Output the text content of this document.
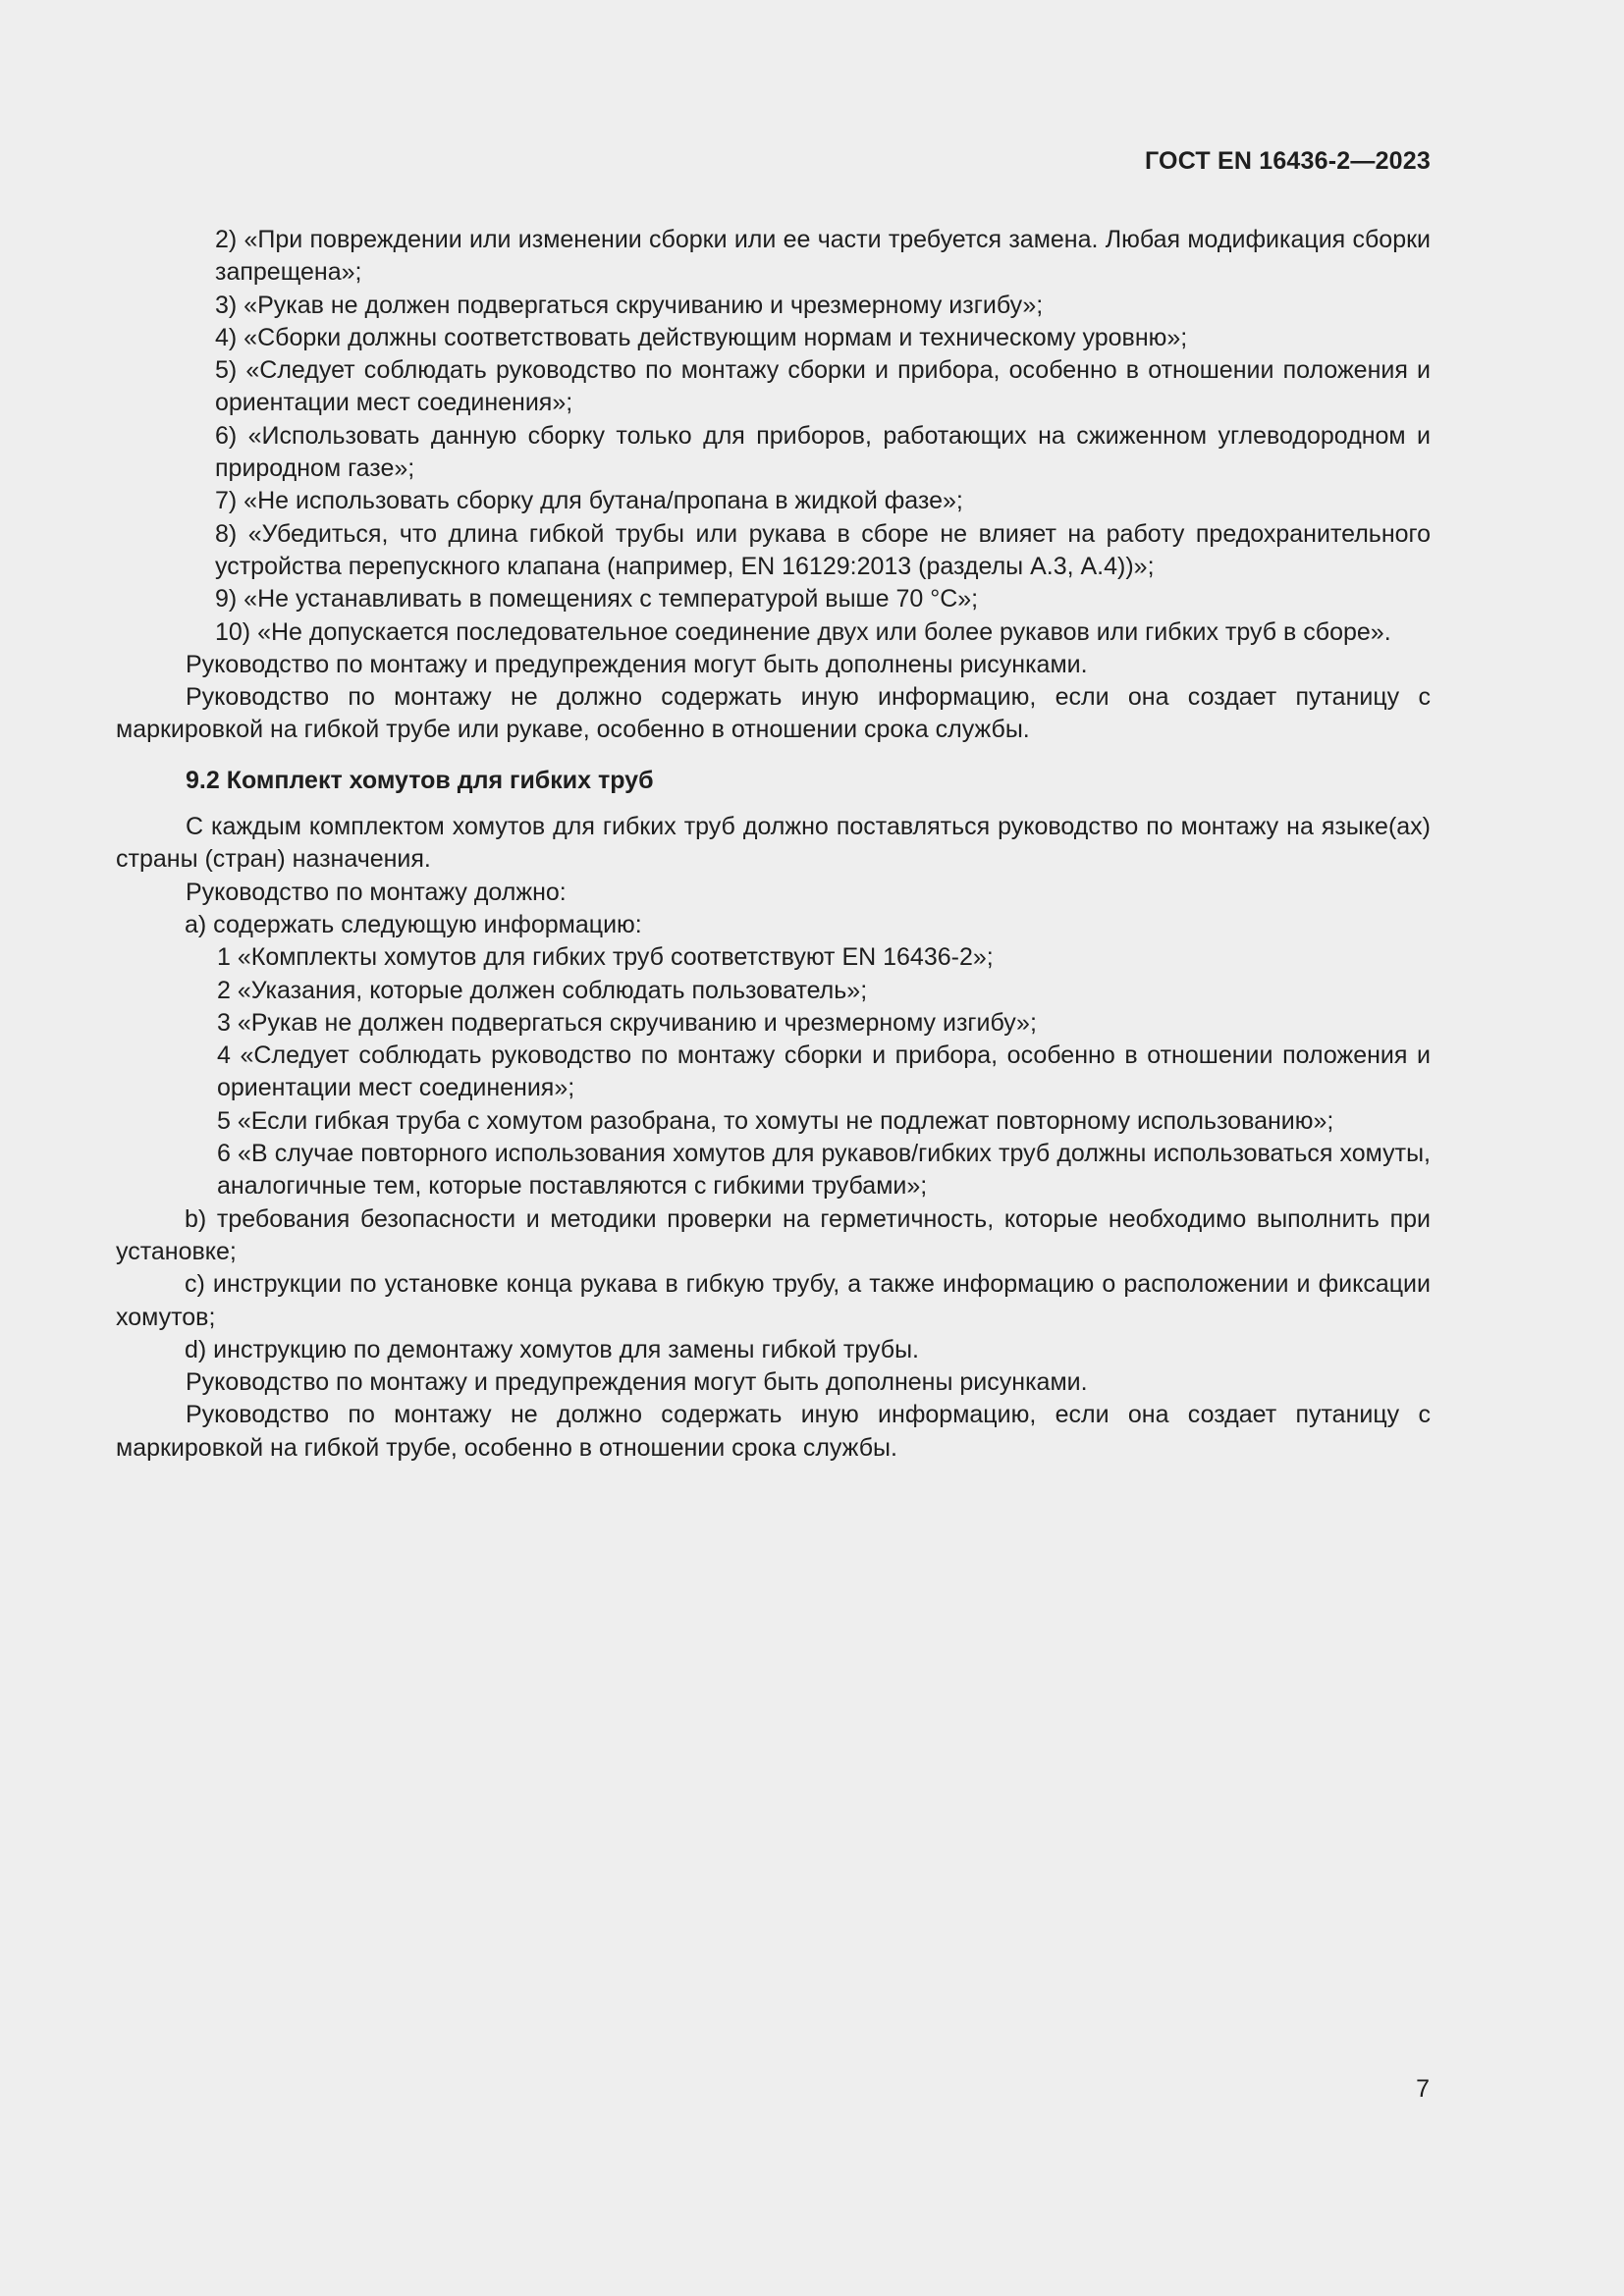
ГОСТ EN 16436-2—2023
2) «При повреждении или изменении сборки или ее части требуется замена. Любая модификация сборки запрещена»;
3) «Рукав не должен подвергаться скручиванию и чрезмерному изгибу»;
4) «Сборки должны соответствовать действующим нормам и техническому уровню»;
5) «Следует соблюдать руководство по монтажу сборки и прибора, особенно в отношении положения и ориентации мест соединения»;
6) «Использовать данную сборку только для приборов, работающих на сжиженном углеводородном и природном газе»;
7) «Не использовать сборку для бутана/пропана в жидкой фазе»;
8) «Убедиться, что длина гибкой трубы или рукава в сборе не влияет на работу предохранительного устройства перепускного клапана (например, EN 16129:2013 (разделы А.3, А.4))»;
9) «Не устанавливать в помещениях с температурой выше 70 °С»;
10) «Не допускается последовательное соединение двух или более рукавов или гибких труб в сборе».
Руководство по монтажу и предупреждения могут быть дополнены рисунками.
Руководство по монтажу не должно содержать иную информацию, если она создает путаницу с маркировкой на гибкой трубе или рукаве, особенно в отношении срока службы.
9.2 Комплект хомутов для гибких труб
С каждым комплектом хомутов для гибких труб должно поставляться руководство по монтажу на языке(ах) страны (стран) назначения.
Руководство по монтажу должно:
а) содержать следующую информацию:
1 «Комплекты хомутов для гибких труб соответствуют EN 16436-2»;
2 «Указания, которые должен соблюдать пользователь»;
3 «Рукав не должен подвергаться скручиванию и чрезмерному изгибу»;
4 «Следует соблюдать руководство по монтажу сборки и прибора, особенно в отношении положения и ориентации мест соединения»;
5 «Если гибкая труба с хомутом разобрана, то хомуты не подлежат повторному использованию»;
6 «В случае повторного использования хомутов для рукавов/гибких труб должны использоваться хомуты, аналогичные тем, которые поставляются с гибкими трубами»;
b) требования безопасности и методики проверки на герметичность, которые необходимо выполнить при установке;
c) инструкции по установке конца рукава в гибкую трубу, а также информацию о расположении и фиксации хомутов;
d) инструкцию по демонтажу хомутов для замены гибкой трубы.
Руководство по монтажу и предупреждения могут быть дополнены рисунками.
Руководство по монтажу не должно содержать иную информацию, если она создает путаницу с маркировкой на гибкой трубе, особенно в отношении срока службы.
7
